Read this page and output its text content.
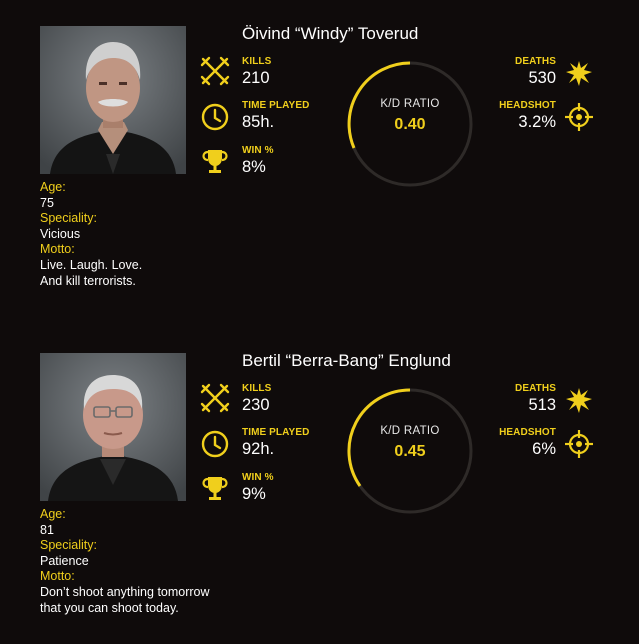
Age:
75
Speciality:
Vicious
Motto:
Live. Laugh. Love.
And kill terrorists.
Öivind “Windy” Toverud
KILLS
210
TIME PLAYED
85h.
WIN %
8%
K/D RATIO
0.40
DEATHS
530
HEADSHOT
3.2%
Age:
81
Speciality:
Patience
Motto:
Don’t shoot anything tomorrow
that you can shoot today.
Bertil “Berra-Bang” Englund
KILLS
230
TIME PLAYED
92h.
WIN %
9%
K/D RATIO
0.45
DEATHS
513
HEADSHOT
6%
